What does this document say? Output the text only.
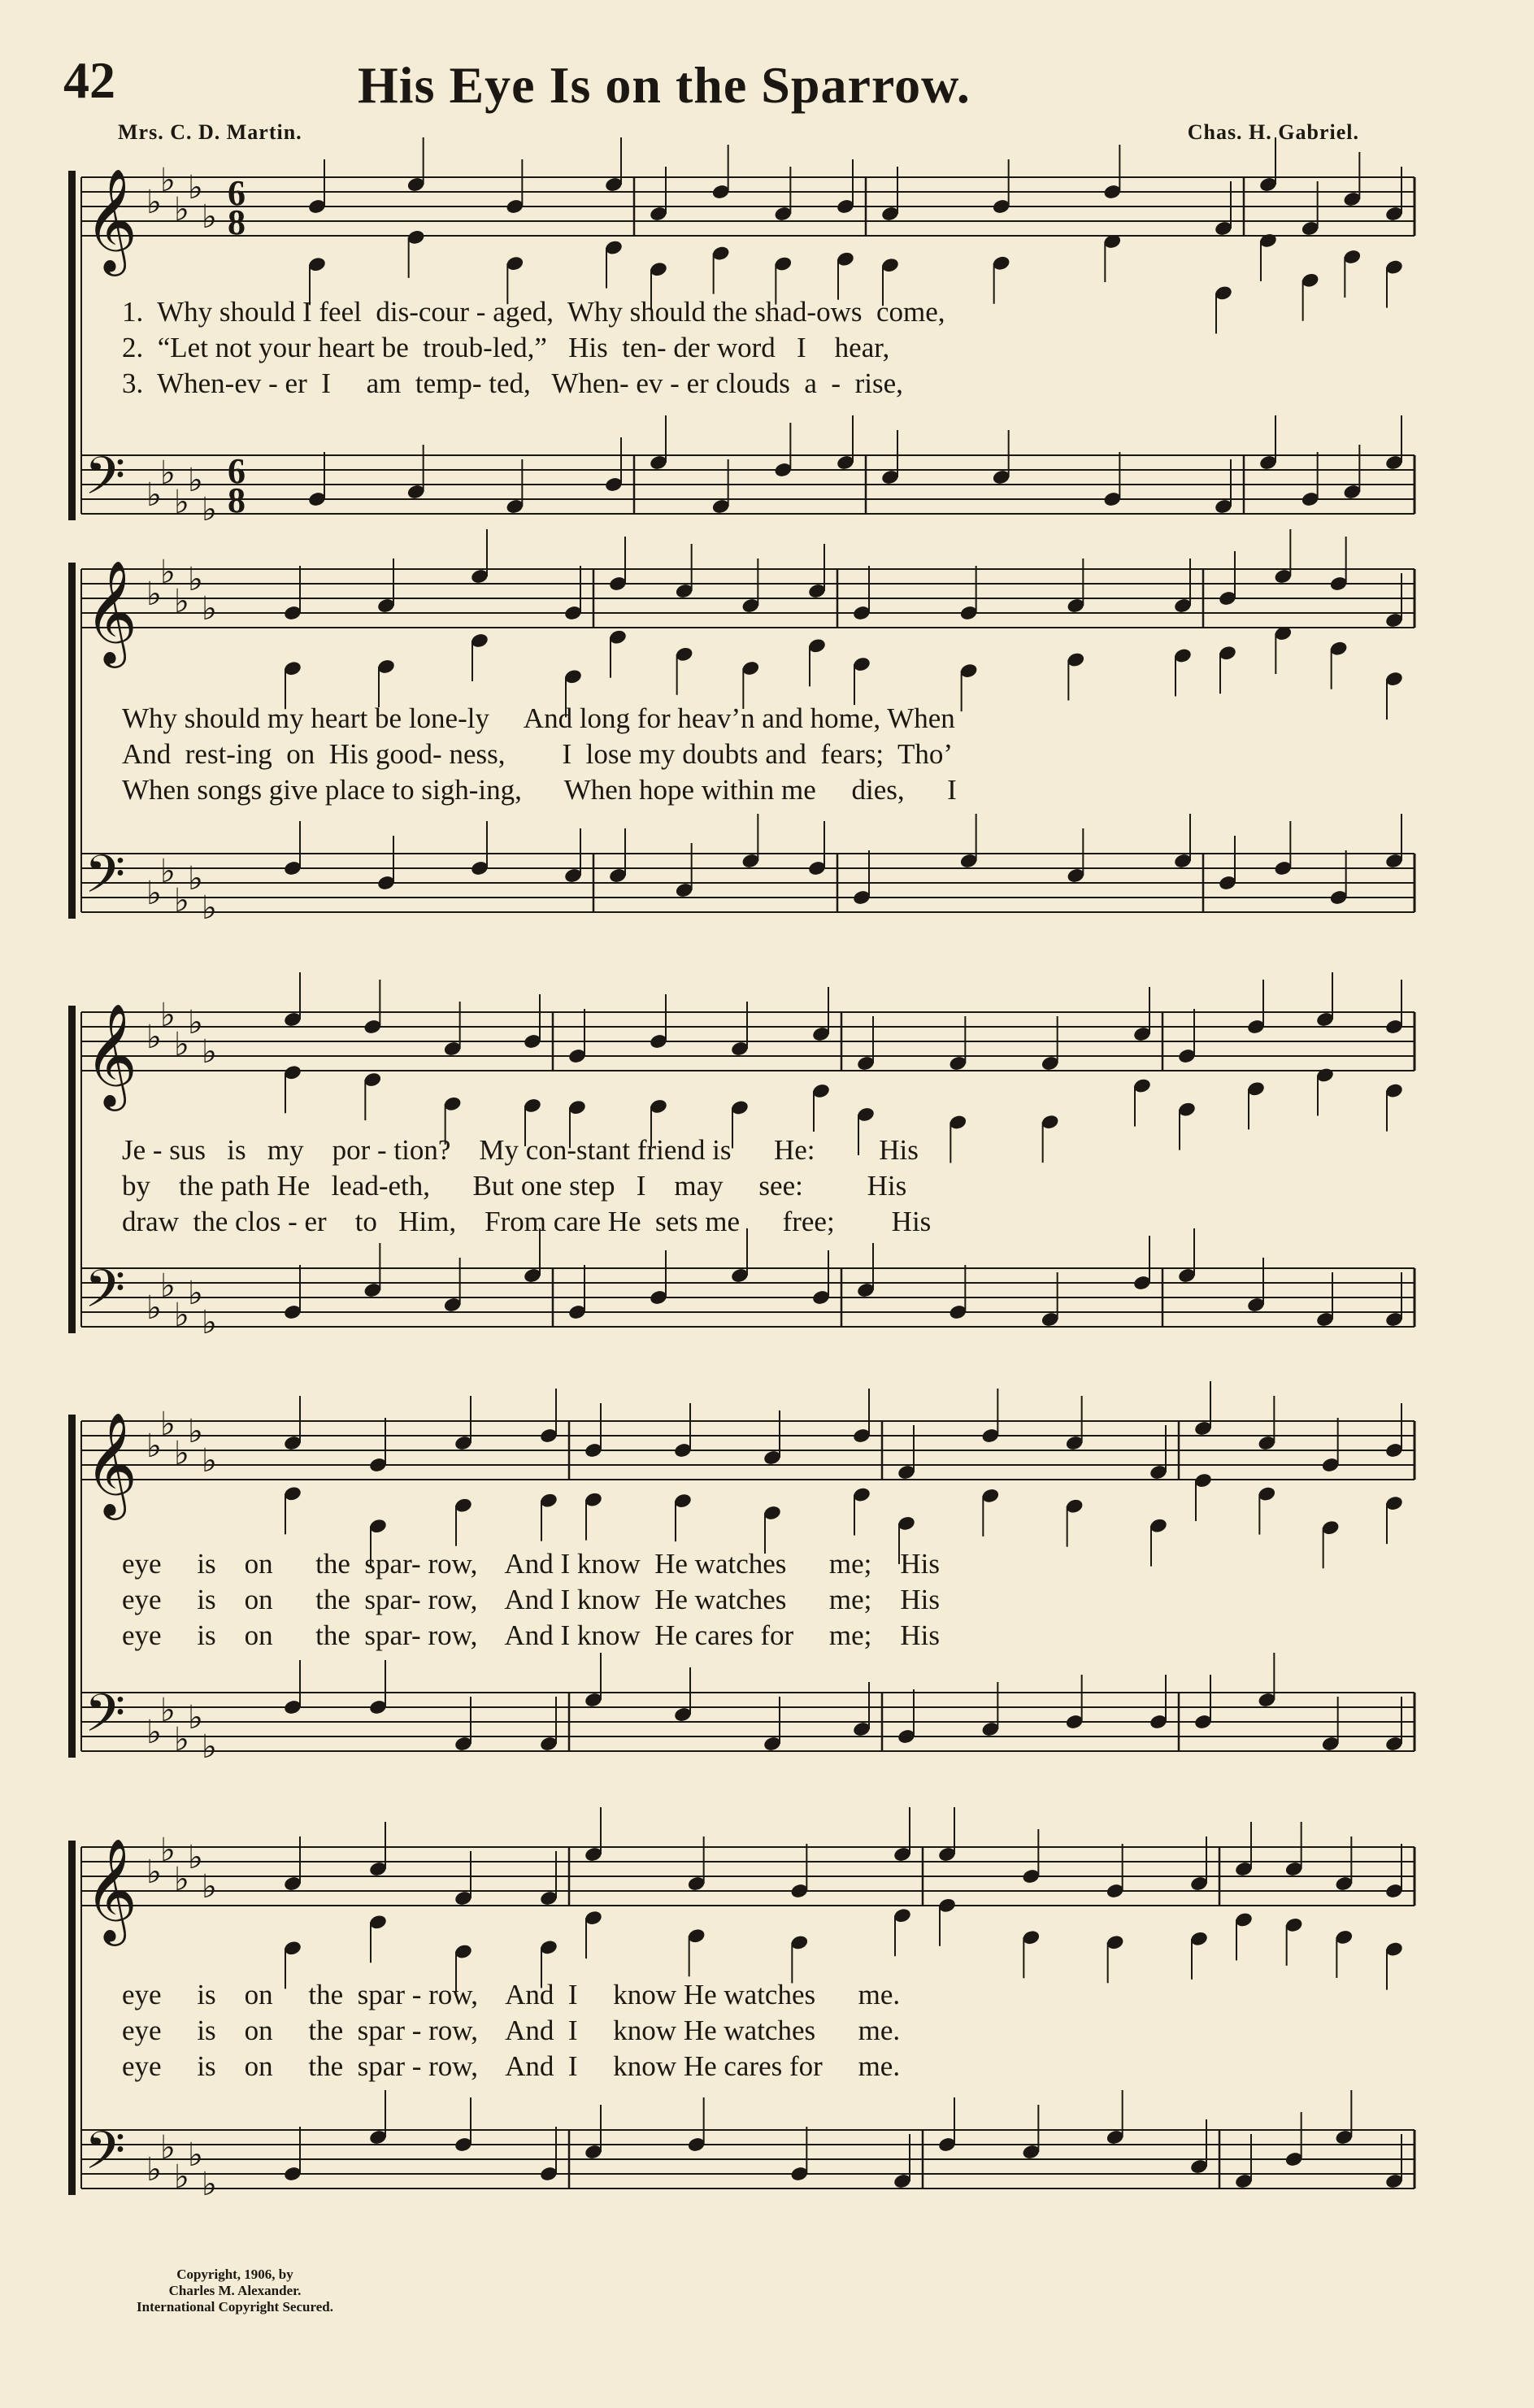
42	His Eye Is on the Sparrow.
Mrs. C. D. Martin.	Chas. H. Gabriel.
𝄞 ♭
♭
♭
♭
♭
6
8
𝄢 ♭
♭
♭
♭
♭
6
8
1.  Why should I feel  dis-cour - aged,  Why should the shad-ows  come,
2.  “Let not your heart be  troub-led,”   His  ten- der word   I    hear,
3.  When-ev - er  I     am  temp- ted,   When- ev - er clouds  a  -  rise,
𝄞 ♭
♭
♭
♭
♭
𝄢 ♭
♭
♭
♭
♭
Why should my heart be lone-ly     And long for heav’n and home, When
And  rest-ing  on  His good- ness,        I  lose my doubts and  fears;  Tho’
When songs give place to sigh-ing,      When hope within me     dies,      I
𝄞 ♭
♭
♭
♭
♭
𝄢 ♭
♭
♭
♭
♭
Je - sus   is   my    por - tion?    My con-stant friend is      He:         His
by    the path He   lead-eth,      But one step   I    may     see:         His
draw  the clos - er    to   Him,    From care He  sets me      free;        His
𝄞 ♭
♭
♭
♭
♭
𝄢 ♭
♭
♭
♭
♭
eye     is    on      the  spar- row,    And I know  He watches      me;    His
eye     is    on      the  spar- row,    And I know  He watches      me;    His
eye     is    on      the  spar- row,    And I know  He cares for     me;    His
𝄞 ♭
♭
♭
♭
♭
𝄢 ♭
♭
♭
♭
♭
eye     is    on     the  spar - row,    And  I     know He watches      me.
eye     is    on     the  spar - row,    And  I     know He watches      me.
eye     is    on     the  spar - row,    And  I     know He cares for     me.
Copyright, 1906, by
Charles M. Alexander.
International Copyright Secured.
